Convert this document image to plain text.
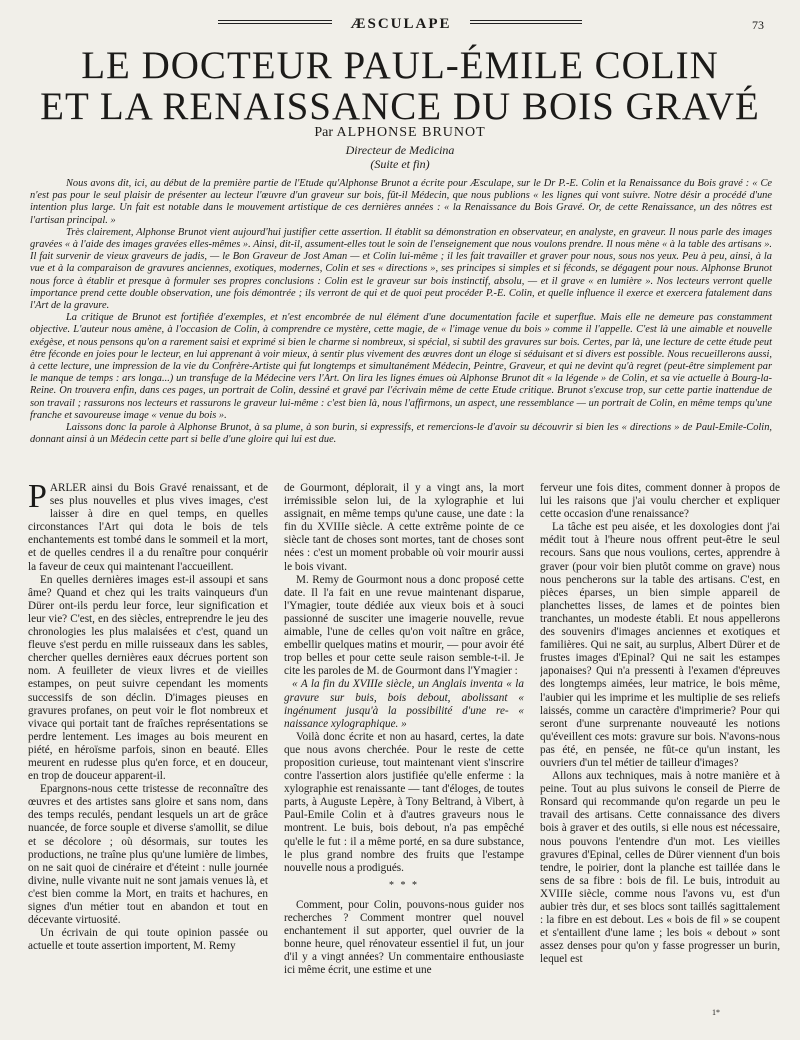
ÆSCULAPE	73
LE DOCTEUR PAUL-ÉMILE COLIN
ET LA RENAISSANCE DU BOIS GRAVÉ
Par ALPHONSE BRUNOT
Directeur de Medicina
(Suite et fin)

Nous avons dit, ici, au début de la première partie de l'Etude qu'Alphonse Brunot a écrite pour Æsculape, sur le Dr P.-E. Colin et la Renaissance du Bois gravé : « Ce n'est pas pour le seul plaisir de présenter au lecteur l'œuvre d'un graveur sur bois, fût-il Médecin, que nous publions « les lignes qui vont suivre. Notre désir a procédé d'une intention plus large. Un fait est notable dans le mouvement artistique de ces dernières années : « la Renaissance du Bois Gravé. Or, de cette Renaissance, un des nôtres est l'artisan principal. »

Très clairement, Alphonse Brunot vient aujourd'hui justifier cette assertion. Il établit sa démonstration en observateur, en analyste, en graveur. Il nous parle des images gravées « à l'aide des images gravées elles-mêmes ». Ainsi, dit-il, assument-elles tout le soin de l'enseignement que nous voulons prendre. Il nous mène « à la table des artisans ». Il fait survenir de vieux graveurs de jadis, — le Bon Graveur de Jost Aman — et Colin lui-même ; il les fait travailler et graver pour nous, sous nos yeux. Peu à peu, ainsi, à la vue et à la comparaison de gravures anciennes, exotiques, modernes, Colin et ses « directions », ses principes si simples et si féconds, se dégagent pour nous. Alphonse Brunot nous force à établir et presque à formuler ses propres conclusions : Colin est le graveur sur bois instinctif, absolu, — et il grave « en lumière ». Nos lecteurs verront quelle importance prend cette double observation, une fois démontrée ; ils verront de qui et de quoi peut procéder P.-E. Colin, et quelle influence il exerce et exercera fatalement dans l'Art de la gravure.

La critique de Brunot est fortifiée d'exemples, et n'est encombrée de nul élément d'une documentation facile et superflue. Mais elle ne demeure pas constamment objective. L'auteur nous amène, à l'occasion de Colin, à comprendre ce mystère, cette magie, de « l'image venue du bois » comme il l'appelle. C'est là une aimable et nouvelle exégèse, et nous pensons qu'on a rarement saisi et exprimé si bien le charme si nombreux, si spécial, si subtil des gravures sur bois. Certes, par là, une lecture de cette étude peut être féconde en joies pour le lecteur, en lui apprenant à voir mieux, à sentir plus vivement des œuvres dont un éloge si séduisant et si divers est possible. Nous recueillerons aussi, à cette lecture, une impression de la vie du Confrère-Artiste qui fut longtemps et simultanément Médecin, Peintre, Graveur, et qui ne devint qu'à regret (peut-être simplement par le manque de temps : ars longa...) un transfuge de la Médecine vers l'Art. On lira les lignes émues où Alphonse Brunot dit « la légende » de Colin, et sa vie actuelle à Bourg-la-Reine. On trouvera enfin, dans ces pages, un portrait de Colin, dessiné et gravé par l'écrivain même de cette Etude critique. Brunot s'excuse trop, sur cette partie inattendue de son travail ; rassurons nos lecteurs et rassurons le graveur lui-même : c'est bien là, nous l'affirmons, un aspect, une ressemblance — un portrait de Colin, en même temps qu'une franche et savoureuse image « venue du bois ».

Laissons donc la parole à Alphonse Brunot, à sa plume, à son burin, si expressifs, et remercions-le d'avoir su découvrir si bien les « directions » de Paul-Emile-Colin, donnant ainsi à un Médecin cette part si belle d'une gloire qui lui est due.

PARLER ainsi du Bois Gravé renaissant, et de ses plus nouvelles et plus vives images, c'est laisser à dire en quel temps, en quelles circonstances l'Art qui dota le bois de tels enchantements est tombé dans le sommeil et la mort, et de quelles cendres il a du renaître pour conquérir la faveur de ceux qui maintenant l'accueillent.

En quelles dernières images est-il assoupi et sans âme? Quand et chez qui les traits vainqueurs d'un Dürer ont-ils perdu leur force, leur signification et leur vie? C'est, en des siècles, entreprendre le jeu des chronologies les plus malaisées et c'est, quand un fleuve s'est perdu en mille ruisseaux dans les sables, chercher quelles dernières eaux décrues portent son nom. A feuilleter de vieux livres et de vieilles estampes, on peut suivre cependant les moments successifs de son déclin. D'images pieuses en gravures profanes, on peut voir le flot nombreux et vivace qui portait tant de fraîches représentations se perdre lentement. Les images au bois meurent en piété, en héroïsme parfois, sinon en beauté. Elles meurent en rudesse plus qu'en force, et en douceur, en trop de douceur apparent-il.

Epargnons-nous cette tristesse de reconnaître des œuvres et des artistes sans gloire et sans nom, dans des temps reculés, pendant lesquels un art de grâce nuancée, de force souple et diverse s'amollit, se dilue et se décolore ; où désormais, sur toutes les productions, ne traîne plus qu'une lumière de limbes, on ne sait quoi de cinéraire et d'éteint : nulle journée divine, nulle vivante nuit ne sont jamais venues là, et c'est bien comme la Mort, en traits et hachures, en signes d'un métier tout en abandon et tout en décevante virtuosité.

Un écrivain de qui toute opinion passée ou actuelle et toute assertion importent, M. Remy

de Gourmont, déplorait, il y a vingt ans, la mort irrémissible selon lui, de la xylographie et lui assignait, en même temps qu'une cause, une date : la fin du XVIIIe siècle. A cette extrême pointe de ce siècle tant de choses sont mortes, tant de choses sont nées : c'est un moment probable où voir mourir aussi le bois vivant.

M. Remy de Gourmont nous a donc proposé cette date. Il l'a fait en une revue maintenant disparue, l'Ymagier, toute dédiée aux vieux bois et à souci passionné de susciter une imagerie nouvelle, revue aimable, l'une de celles qu'on voit naître en grâce, embellir quelques matins et mourir, — pour avoir été trop belles et pour cette seule raison semble-t-il. Je cite les paroles de M. de Gourmont dans l'Ymagier :

« A la fin du XVIIIe siècle, un Anglais inventa « la gravure sur buis, bois debout, abolissant « ingénument jusqu'à la possibilité d'une re- « naissance xylographique. »

Voilà donc écrite et non au hasard, certes, la date que nous avons cherchée. Pour le reste de cette proposition curieuse, tout maintenant vient s'inscrire contre l'assertion alors justifiée qu'elle enferme : la xylographie est renaissante — tant d'éloges, de toutes parts, à Auguste Lepère, à Tony Beltrand, à Vibert, à Paul-Emile Colin et à d'autres graveurs nous le montrent. Le buis, bois debout, n'a pas empêché qu'elle le fut : il a même porté, en sa dure substance, le plus grand nombre des fruits que l'estampe nouvelle nous a prodigués.

* * *

Comment, pour Colin, pouvons-nous guider nos recherches ? Comment montrer quel nouvel enchantement il sut apporter, quel ouvrier de la bonne heure, quel rénovateur essentiel il fut, un jour d'il y a vingt années? Un commentaire enthousiaste ici même écrit, une estime et une

ferveur une fois dites, comment donner à propos de lui les raisons que j'ai voulu chercher et expliquer cette occasion d'une renaissance?

La tâche est peu aisée, et les doxologies dont j'ai médit tout à l'heure nous offrent peut-être le seul recours. Sans que nous voulions, certes, apprendre à graver (pour voir bien plutôt comme on grave) nous nous pencherons sur la table des artisans. C'est, en pièces éparses, un bien simple appareil de planchettes lisses, de lames et de pointes bien tranchantes, un modeste établi. Et nous appellerons des souvenirs d'images anciennes et exotiques et familières. Qui ne sait, au surplus, Albert Dürer et de frustes images d'Epinal? Qui ne sait les estampes japonaises? Qui n'a pressenti à l'examen d'épreuves des longtemps aimées, leur matrice, le bois même, l'aubier qui les imprime et les multiplie de ses reliefs laissés, comme un caractère d'imprimerie? Pour qui seront d'une surprenante nouveauté les notions qu'éveillent ces mots: gravure sur bois. N'avons-nous pas été, en pensée, ne fût-ce qu'un instant, les ouvriers d'un tel métier de tailleur d'images?

Allons aux techniques, mais à notre manière et à peine. Tout au plus suivons le conseil de Pierre de Ronsard qui recommande qu'on regarde un peu le travail des artisans. Cette connaissance des divers bois à graver et des outils, si elle nous est nécessaire, nous pouvons l'entendre d'un mot. Les vieilles gravures d'Epinal, celles de Dürer viennent d'un bois tendre, le poirier, dont la planche est taillée dans le sens de sa fibre : bois de fil. Le buis, introduit au XVIIIe siècle, comme nous l'avons vu, est d'un aubier très dur, et ses blocs sont taillés sagittalement : la fibre en est debout. Les « bois de fil » se coupent et s'entaillent d'une lame ; les bois « debout » sont assez denses pour qu'on y fasse progresser un burin, lequel est

1*
